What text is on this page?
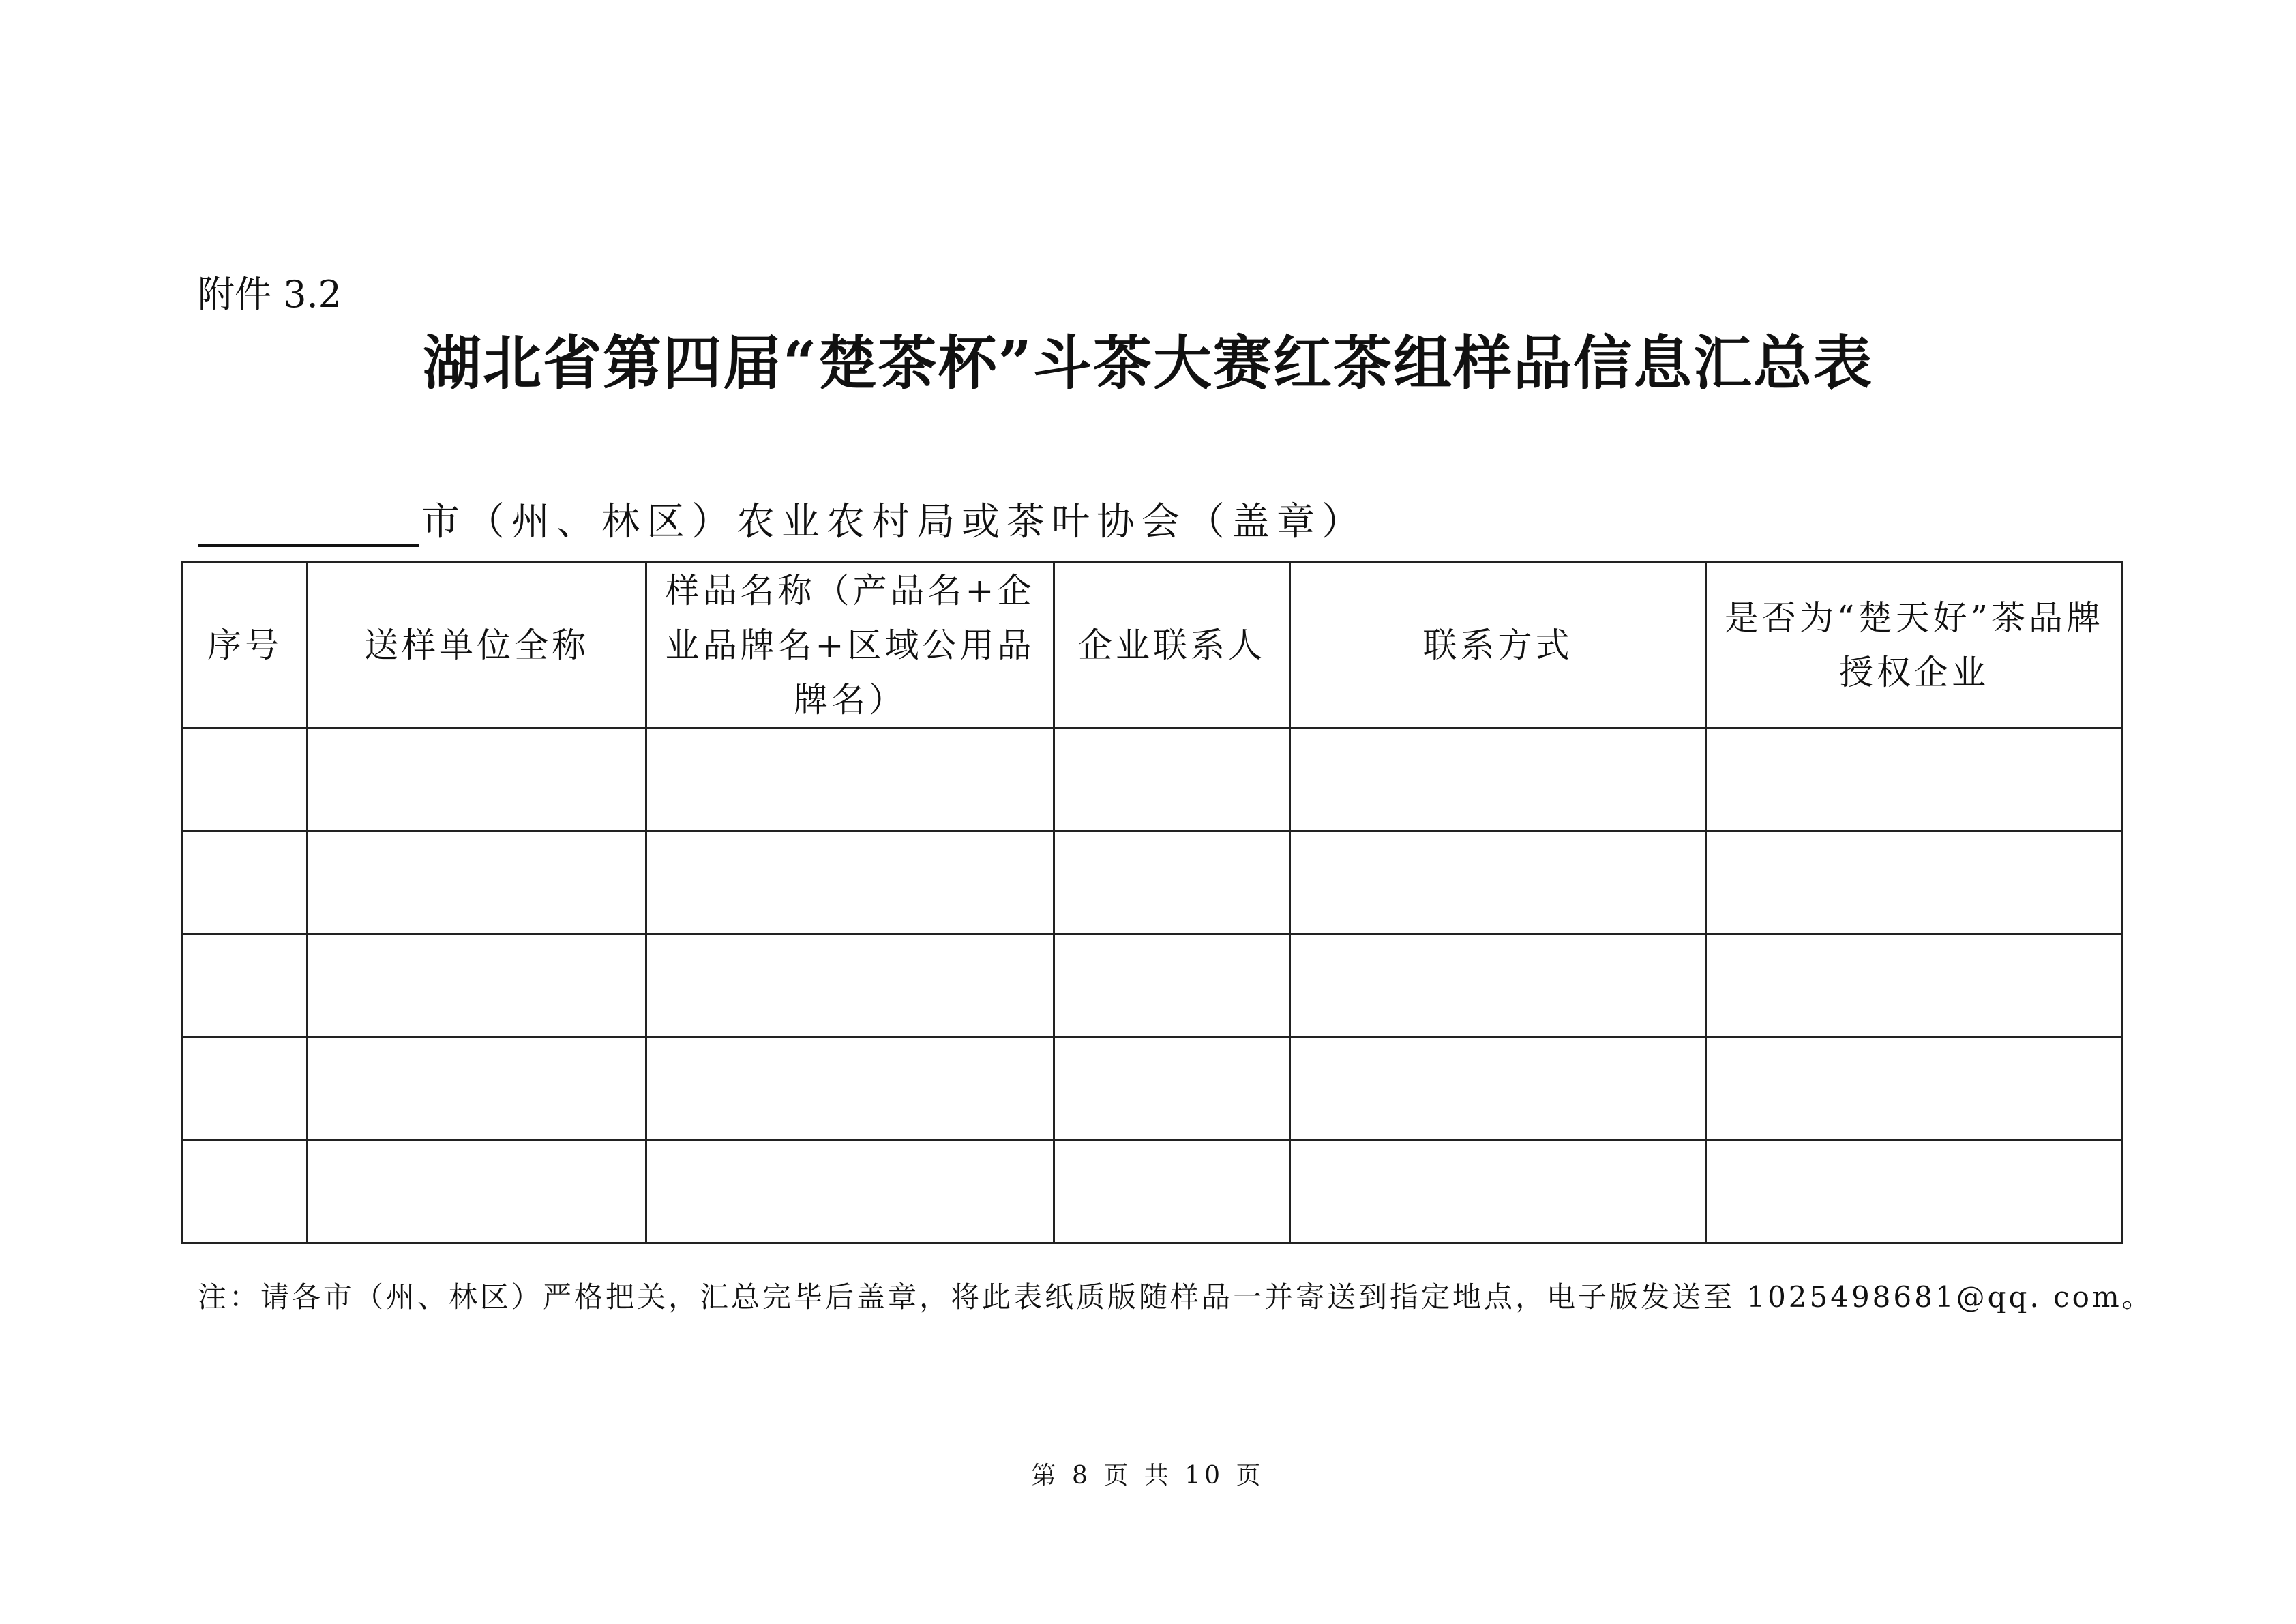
附件 3.2
湖北省第四届“楚茶杯”斗茶大赛红茶组样品信息汇总表
市（州、林区）农业农村局或茶叶协会（盖章）
序号	送样单位全称	样品名称（产品名+企业品牌名+区域公用品牌名）	企业联系人	联系方式	是否为“楚天好”茶品牌授权企业

注：请各市（州、林区）严格把关，汇总完毕后盖章，将此表纸质版随样品一并寄送到指定地点，电子版发送至 1025498681@qq. com。
第 8 页 共 10 页
